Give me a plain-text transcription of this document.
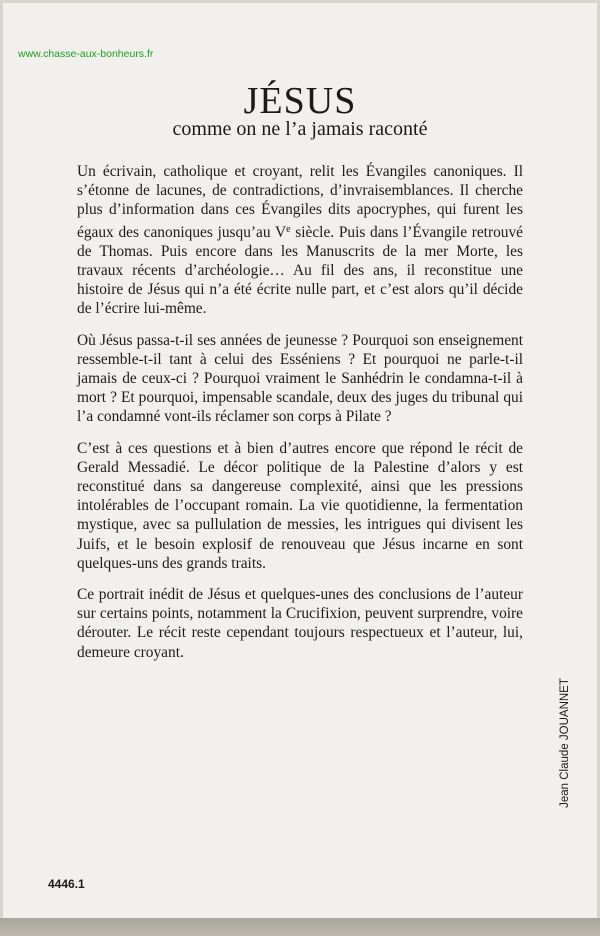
www.chasse-aux-bonheurs.fr
JÉSUS
comme on ne l’a jamais raconté

Un écrivain, catholique et croyant, relit les Évangiles canoniques. Il s’étonne de lacunes, de contradictions, d’invraisemblances. Il cherche plus d’information dans ces Évangiles dits apocryphes, qui furent les égaux des canoniques jusqu’au Ve siècle. Puis dans l’Évangile retrouvé de Thomas. Puis encore dans les Manuscrits de la mer Morte, les travaux récents d’archéologie… Au fil des ans, il reconstitue une histoire de Jésus qui n’a été écrite nulle part, et c’est alors qu’il décide de l’écrire lui-même.

Où Jésus passa-t-il ses années de jeunesse ? Pourquoi son enseignement ressemble-t-il tant à celui des Esséniens ? Et pourquoi ne parle-t-il jamais de ceux-ci ? Pourquoi vraiment le Sanhédrin le condamna-t-il à mort ? Et pourquoi, impensable scandale, deux des juges du tribunal qui l’a condamné vont-ils réclamer son corps à Pilate ?

C’est à ces questions et à bien d’autres encore que répond le récit de Gerald Messadié. Le décor politique de la Palestine d’alors y est reconstitué dans sa dangereuse complexité, ainsi que les pressions intolérables de l’occupant romain. La vie quotidienne, la fermentation mystique, avec sa pullulation de messies, les intrigues qui divisent les Juifs, et le besoin explosif de renouveau que Jésus incarne en sont quelques-uns des grands traits.

Ce portrait inédit de Jésus et quelques-unes des conclusions de l’auteur sur certains points, notamment la Crucifixion, peuvent surprendre, voire dérouter. Le récit reste cependant toujours respectueux et l’auteur, lui, demeure croyant.

Jean Claude JOUANNET
4446.1
